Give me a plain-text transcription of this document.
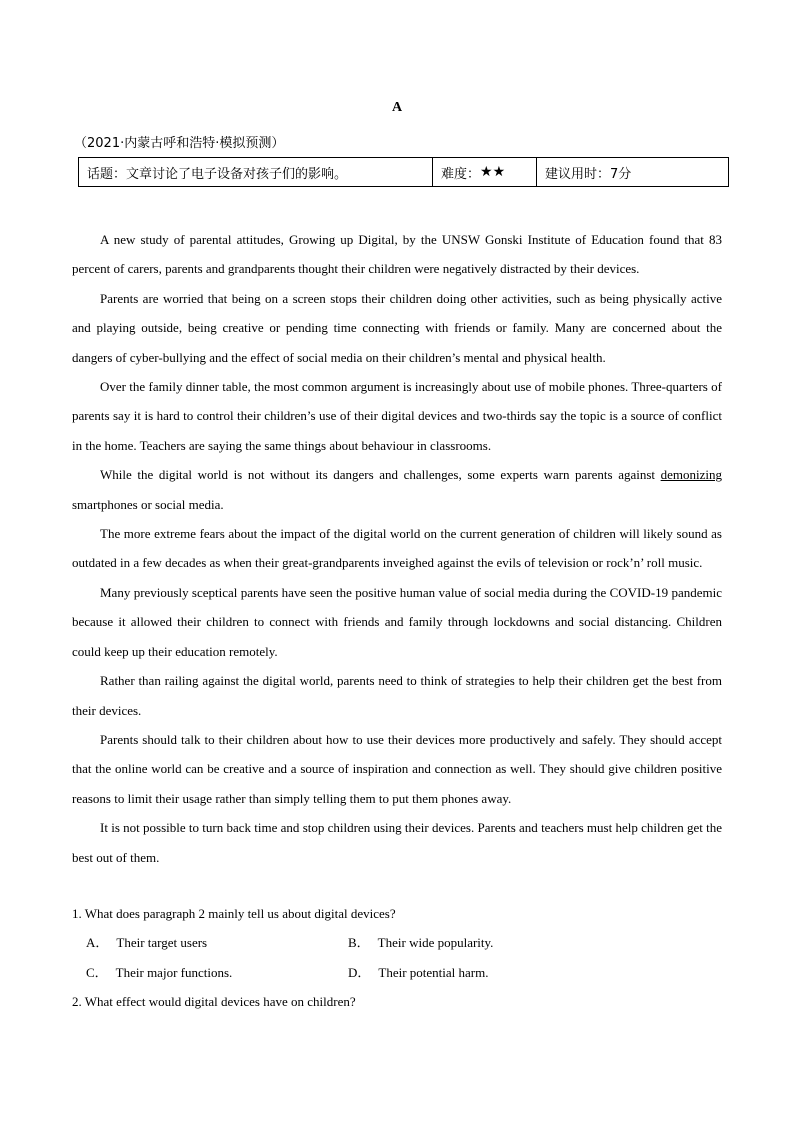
A
（2021·内蒙古呼和浩特·模拟预测）
话题：文章讨论了电子设备对孩子们的影响。	难度： ★★	建议用时：7分

A new study of parental attitudes, Growing up Digital, by the UNSW Gonski Institute of Education found that 83 percent of carers, parents and grandparents thought their children were negatively distracted by their devices.

Parents are worried that being on a screen stops their children doing other activities, such as being physically active and playing outside, being creative or pending time connecting with friends or family. Many are concerned about the dangers of cyber-bullying and the effect of social media on their children’s mental and physical health.

Over the family dinner table, the most common argument is increasingly about use of mobile phones. Three-quarters of parents say it is hard to control their children’s use of their digital devices and two-thirds say the topic is a source of conflict in the home. Teachers are saying the same things about behaviour in classrooms.

While the digital world is not without its dangers and challenges, some experts warn parents against demonizing smartphones or social media.

The more extreme fears about the impact of the digital world on the current generation of children will likely sound as outdated in a few decades as when their great-grandparents inveighed against the evils of television or rock’n’ roll music.

Many previously sceptical parents have seen the positive human value of social media during the COVID-19 pandemic because it allowed their children to connect with friends and family through lockdowns and social distancing. Children could keep up their education remotely.

Rather than railing against the digital world, parents need to think of strategies to help their children get the best from their devices.

Parents should talk to their children about how to use their devices more productively and safely. They should accept that the online world can be creative and a source of inspiration and connection as well. They should give children positive reasons to limit their usage rather than simply telling them to put them phones away.

It is not possible to turn back time and stop children using their devices. Parents and teachers must help children get the best out of them.

1. What does paragraph 2 mainly tell us about digital devices?

A． Their target users	B． Their wide popularity.
C． Their major functions.	D． Their potential harm.

2. What effect would digital devices have on children?
